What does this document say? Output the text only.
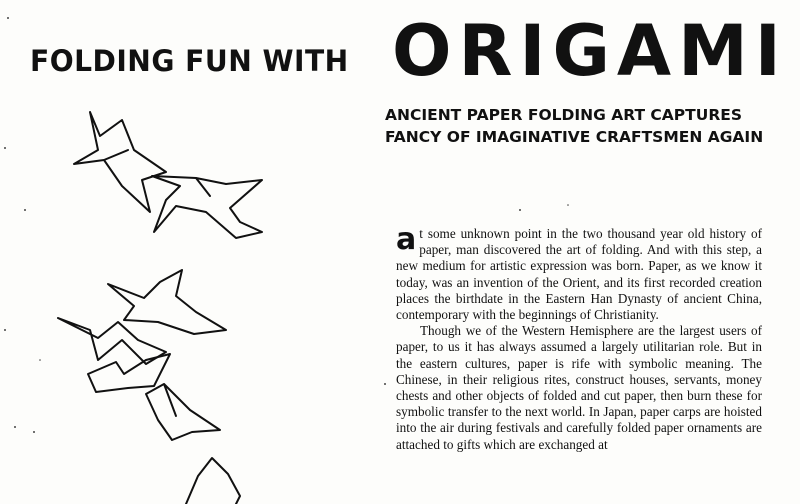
FOLDING FUN WITH ORIGAMI
ANCIENT PAPER FOLDING ART CAPTURES
FANCY OF IMAGINATIVE CRAFTSMEN AGAIN

at some unknown point in the two thousand year old history of paper, man discovered the art of folding. And with this step, a new medium for artistic expression was born. Paper, as we know it today, was an invention of the Orient, and its first recorded creation places the birthdate in the Eastern Han Dynasty of ancient China, contemporary with the beginnings of Christianity.

Though we of the Western Hemisphere are the largest users of paper, to us it has always assumed a largely utilitarian role. But in the eastern cultures, paper is rife with symbolic meaning. The Chinese, in their religious rites, construct houses, servants, money chests and other objects of folded and cut paper, then burn these for symbolic transfer to the next world. In Japan, paper carps are hoisted into the air during festivals and carefully folded paper ornaments are attached to gifts which are exchanged at
